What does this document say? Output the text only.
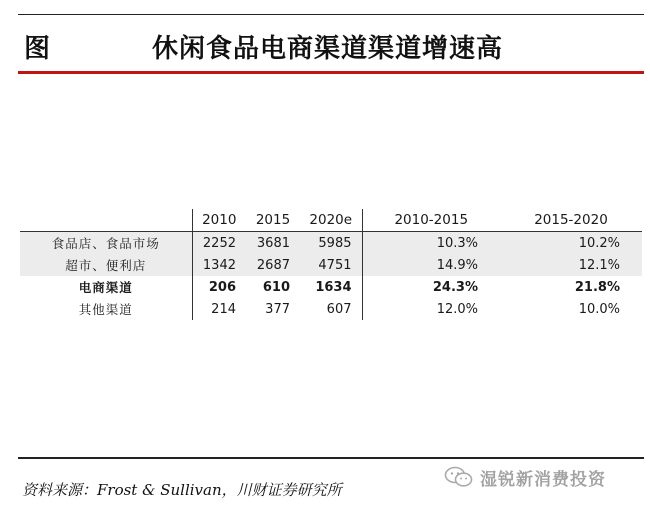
图	休闲食品电商渠道渠道增速高
	2010	2015	2020e	2010-2015	2015-2020
食品店、食品市场	2252	3681	5985	10.3%	10.2%
超市、便利店	1342	2687	4751	14.9%	12.1%
电商渠道	206	610	1634	24.3%	21.8%
其他渠道	214	377	607	12.0%	10.0%
资料来源：Frost & Sullivan，川财证券研究所
湿锐新消费投资
